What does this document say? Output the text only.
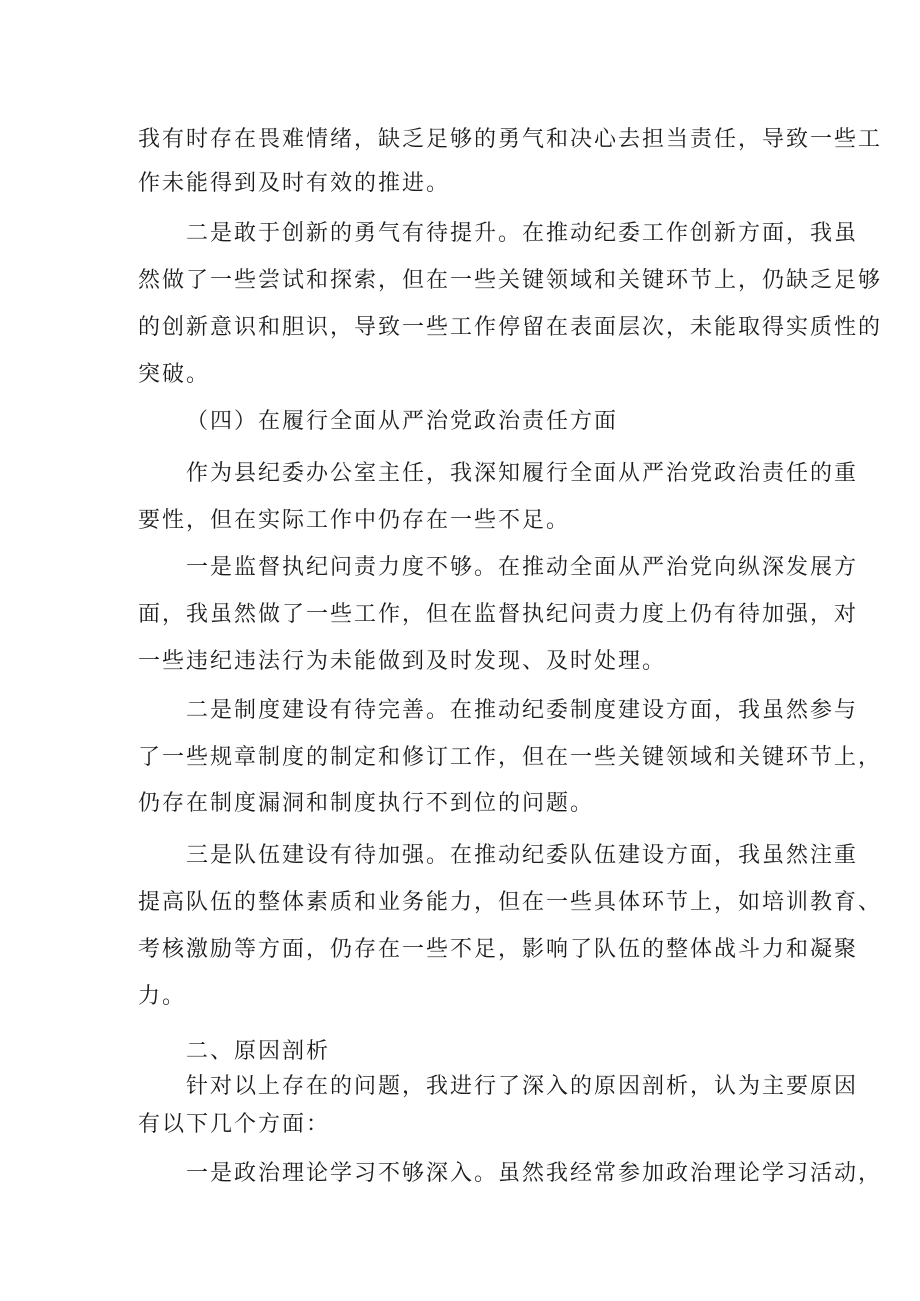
我有时存在畏难情绪，缺乏足够的勇气和决心去担当责任，导致一些工
作未能得到及时有效的推进。
二是敢于创新的勇气有待提升。在推动纪委工作创新方面，我虽
然做了一些尝试和探索，但在一些关键领域和关键环节上，仍缺乏足够
的创新意识和胆识，导致一些工作停留在表面层次，未能取得实质性的
突破。
（四）在履行全面从严治党政治责任方面
作为县纪委办公室主任，我深知履行全面从严治党政治责任的重
要性，但在实际工作中仍存在一些不足。
一是监督执纪问责力度不够。在推动全面从严治党向纵深发展方
面，我虽然做了一些工作，但在监督执纪问责力度上仍有待加强，对
一些违纪违法行为未能做到及时发现、及时处理。
二是制度建设有待完善。在推动纪委制度建设方面，我虽然参与
了一些规章制度的制定和修订工作，但在一些关键领域和关键环节上，
仍存在制度漏洞和制度执行不到位的问题。
三是队伍建设有待加强。在推动纪委队伍建设方面，我虽然注重
提高队伍的整体素质和业务能力，但在一些具体环节上，如培训教育、
考核激励等方面，仍存在一些不足，影响了队伍的整体战斗力和凝聚
力。
二、原因剖析
针对以上存在的问题，我进行了深入的原因剖析，认为主要原因
有以下几个方面：
一是政治理论学习不够深入。虽然我经常参加政治理论学习活动，
